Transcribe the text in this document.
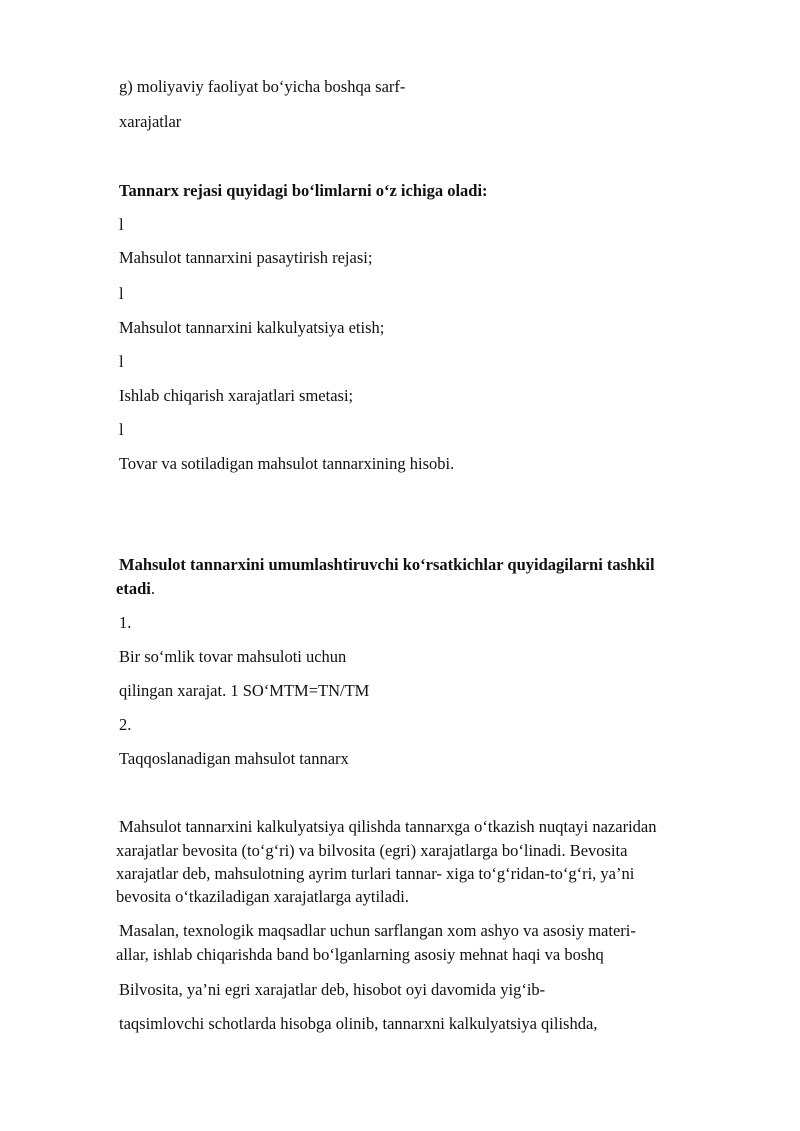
g) moliyaviy faoliyat bo‘yicha boshqa sarf-
xarajatlar
Tannarx rejasi quyidagi bo‘limlarni o‘z ichiga oladi:
l
Mahsulot tannarxini pasaytirish rejasi;
l
Mahsulot tannarxini kalkulyatsiya etish;
l
Ishlab chiqarish xarajatlari smetasi;
l
Tovar va sotiladigan mahsulot tannarxining hisobi.
Mahsulot tannarxini umumlashtiruvchi ko‘rsatkichlar quyidagilarni tashkil
etadi.
1.
Bir so‘mlik tovar mahsuloti uchun
qilingan xarajat. 1 SO‘MTM=TN/TM
2.
Taqqoslanadigan mahsulot tannarx
Mahsulot tannarxini kalkulyatsiya qilishda tannarxga o‘tkazish nuqtayi nazaridan
xarajatlar bevosita (to‘g‘ri) va bilvosita (egri) xarajatlarga bo‘linadi. Bevosita
xarajatlar deb, mahsulotning ayrim turlari tannar- xiga to‘g‘ridan-to‘g‘ri, ya’ni
bevosita o‘tkaziladigan xarajatlarga aytiladi.
Masalan, texnologik maqsadlar uchun sarflangan xom ashyo va asosiy materi-
allar, ishlab chiqarishda band bo‘lganlarning asosiy mehnat haqi va boshq
Bilvosita, ya’ni egri xarajatlar deb, hisobot oyi davomida yig‘ib-
taqsimlovchi schotlarda hisobga olinib, tannarxni kalkulyatsiya qilishda,
